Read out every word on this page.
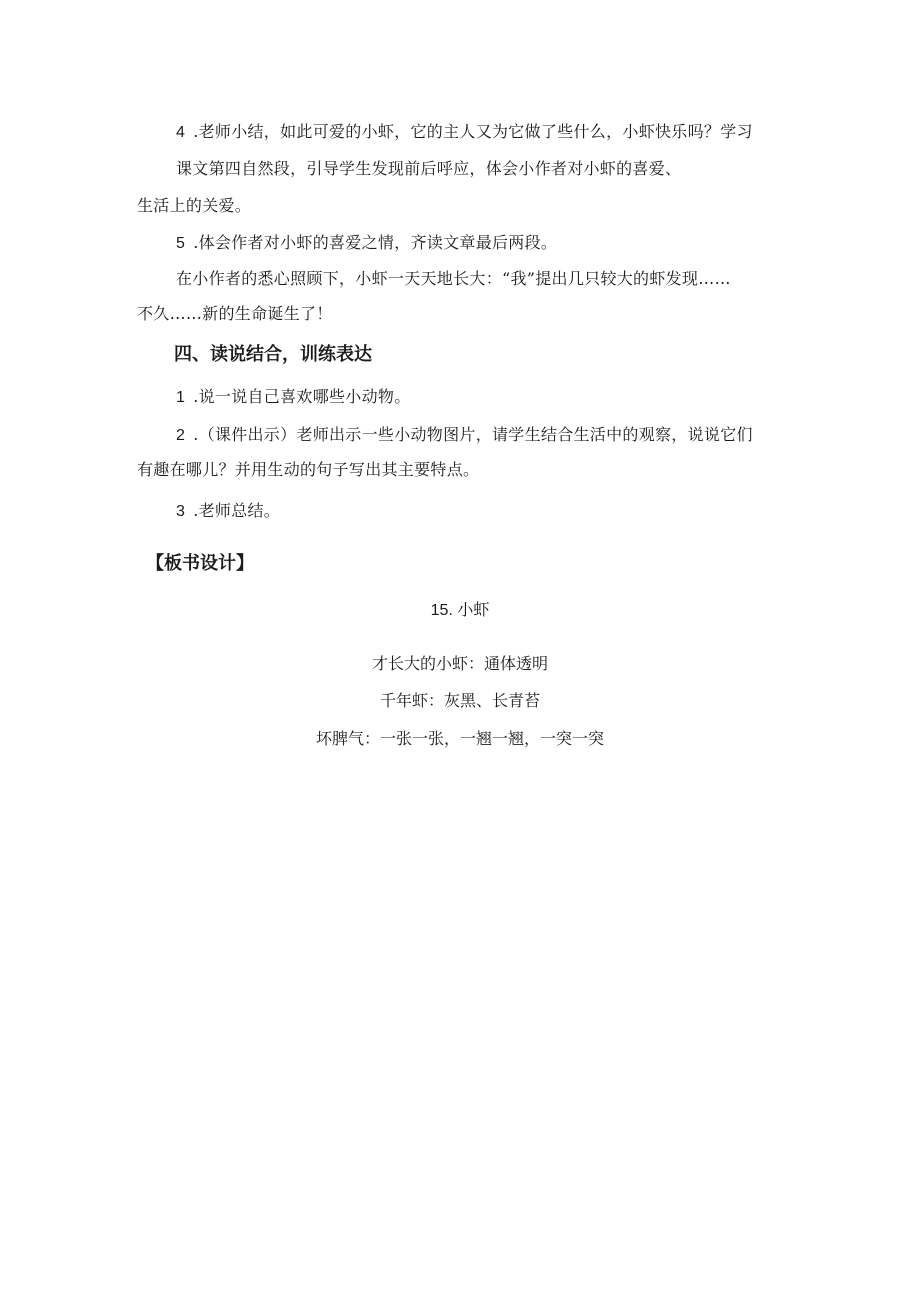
4 .老师小结，如此可爱的小虾，它的主人又为它做了些什么，小虾快乐吗？学习
课文第四自然段，引导学生发现前后呼应，体会小作者对小虾的喜爱、
生活上的关爱。
5 .体会作者对小虾的喜爱之情，齐读文章最后两段。
在小作者的悉心照顾下，小虾一天天地长大：“我”提出几只较大的虾发现……
不久……新的生命诞生了！
四、读说结合，训练表达
1 .说一说自己喜欢哪些小动物。
2 .（课件出示）老师出示一些小动物图片，请学生结合生活中的观察，说说它们
有趣在哪儿？并用生动的句子写出其主要特点。
3 .老师总结。
【板书设计】
15. 小虾
才长大的小虾：通体透明
千年虾：灰黑、长青苔
坏脾气：一张一张，一翘一翘，一突一突
